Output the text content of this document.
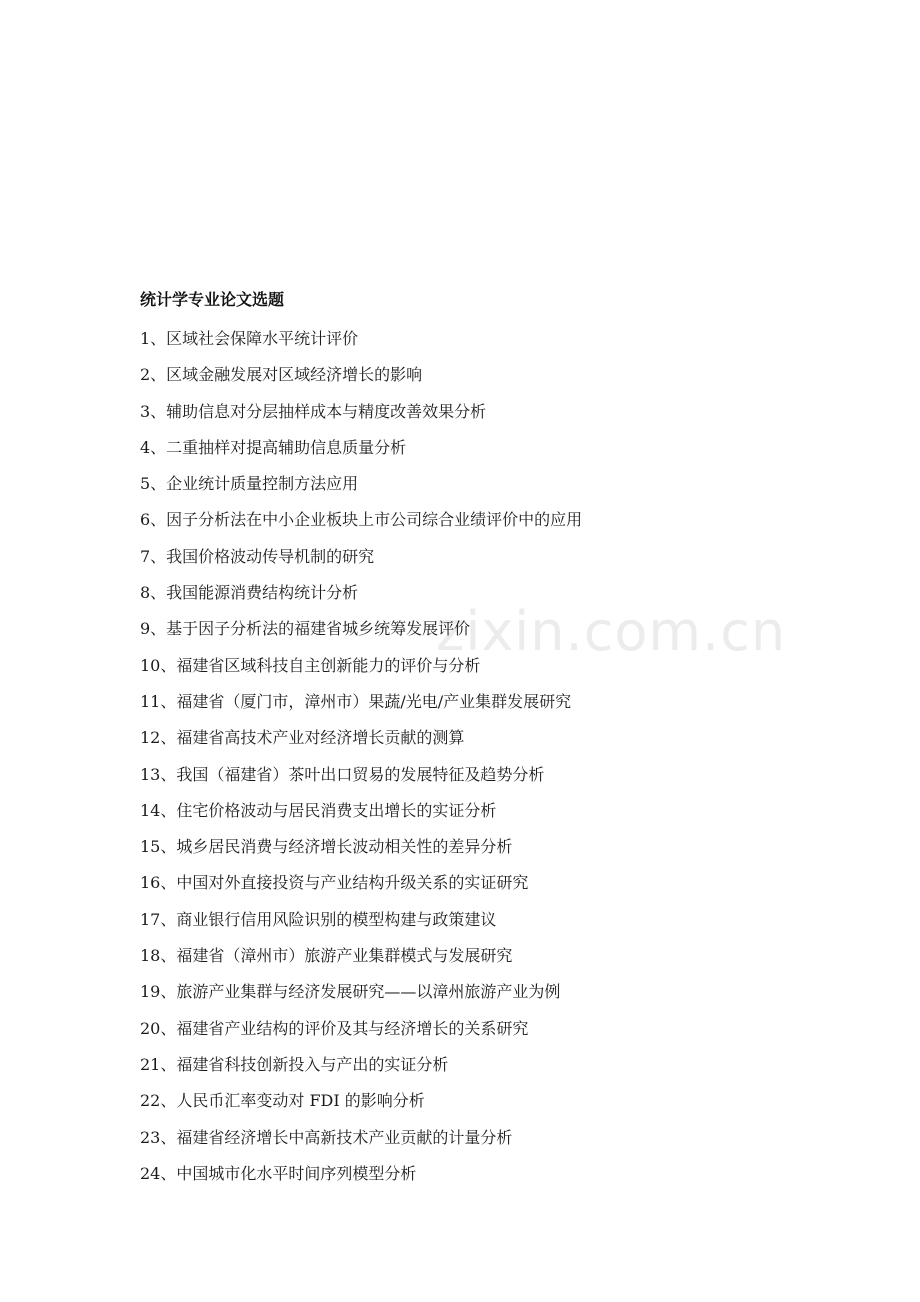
zixin.com.cn
统计学专业论文选题
1、区域社会保障水平统计评价
2、区域金融发展对区域经济增长的影响
3、辅助信息对分层抽样成本与精度改善效果分析
4、二重抽样对提高辅助信息质量分析
5、企业统计质量控制方法应用
6、因子分析法在中小企业板块上市公司综合业绩评价中的应用
7、我国价格波动传导机制的研究
8、我国能源消费结构统计分析
9、基于因子分析法的福建省城乡统筹发展评价
10、福建省区域科技自主创新能力的评价与分析
11、福建省（厦门市，漳州市）果蔬/光电/产业集群发展研究
12、福建省高技术产业对经济增长贡献的测算
13、我国（福建省）茶叶出口贸易的发展特征及趋势分析
14、住宅价格波动与居民消费支出增长的实证分析
15、城乡居民消费与经济增长波动相关性的差异分析
16、中国对外直接投资与产业结构升级关系的实证研究
17、商业银行信用风险识别的模型构建与政策建议
18、福建省（漳州市）旅游产业集群模式与发展研究
19、旅游产业集群与经济发展研究——以漳州旅游产业为例
20、福建省产业结构的评价及其与经济增长的关系研究
21、福建省科技创新投入与产出的实证分析
22、人民币汇率变动对 FDI 的影响分析
23、福建省经济增长中高新技术产业贡献的计量分析
24、中国城市化水平时间序列模型分析
